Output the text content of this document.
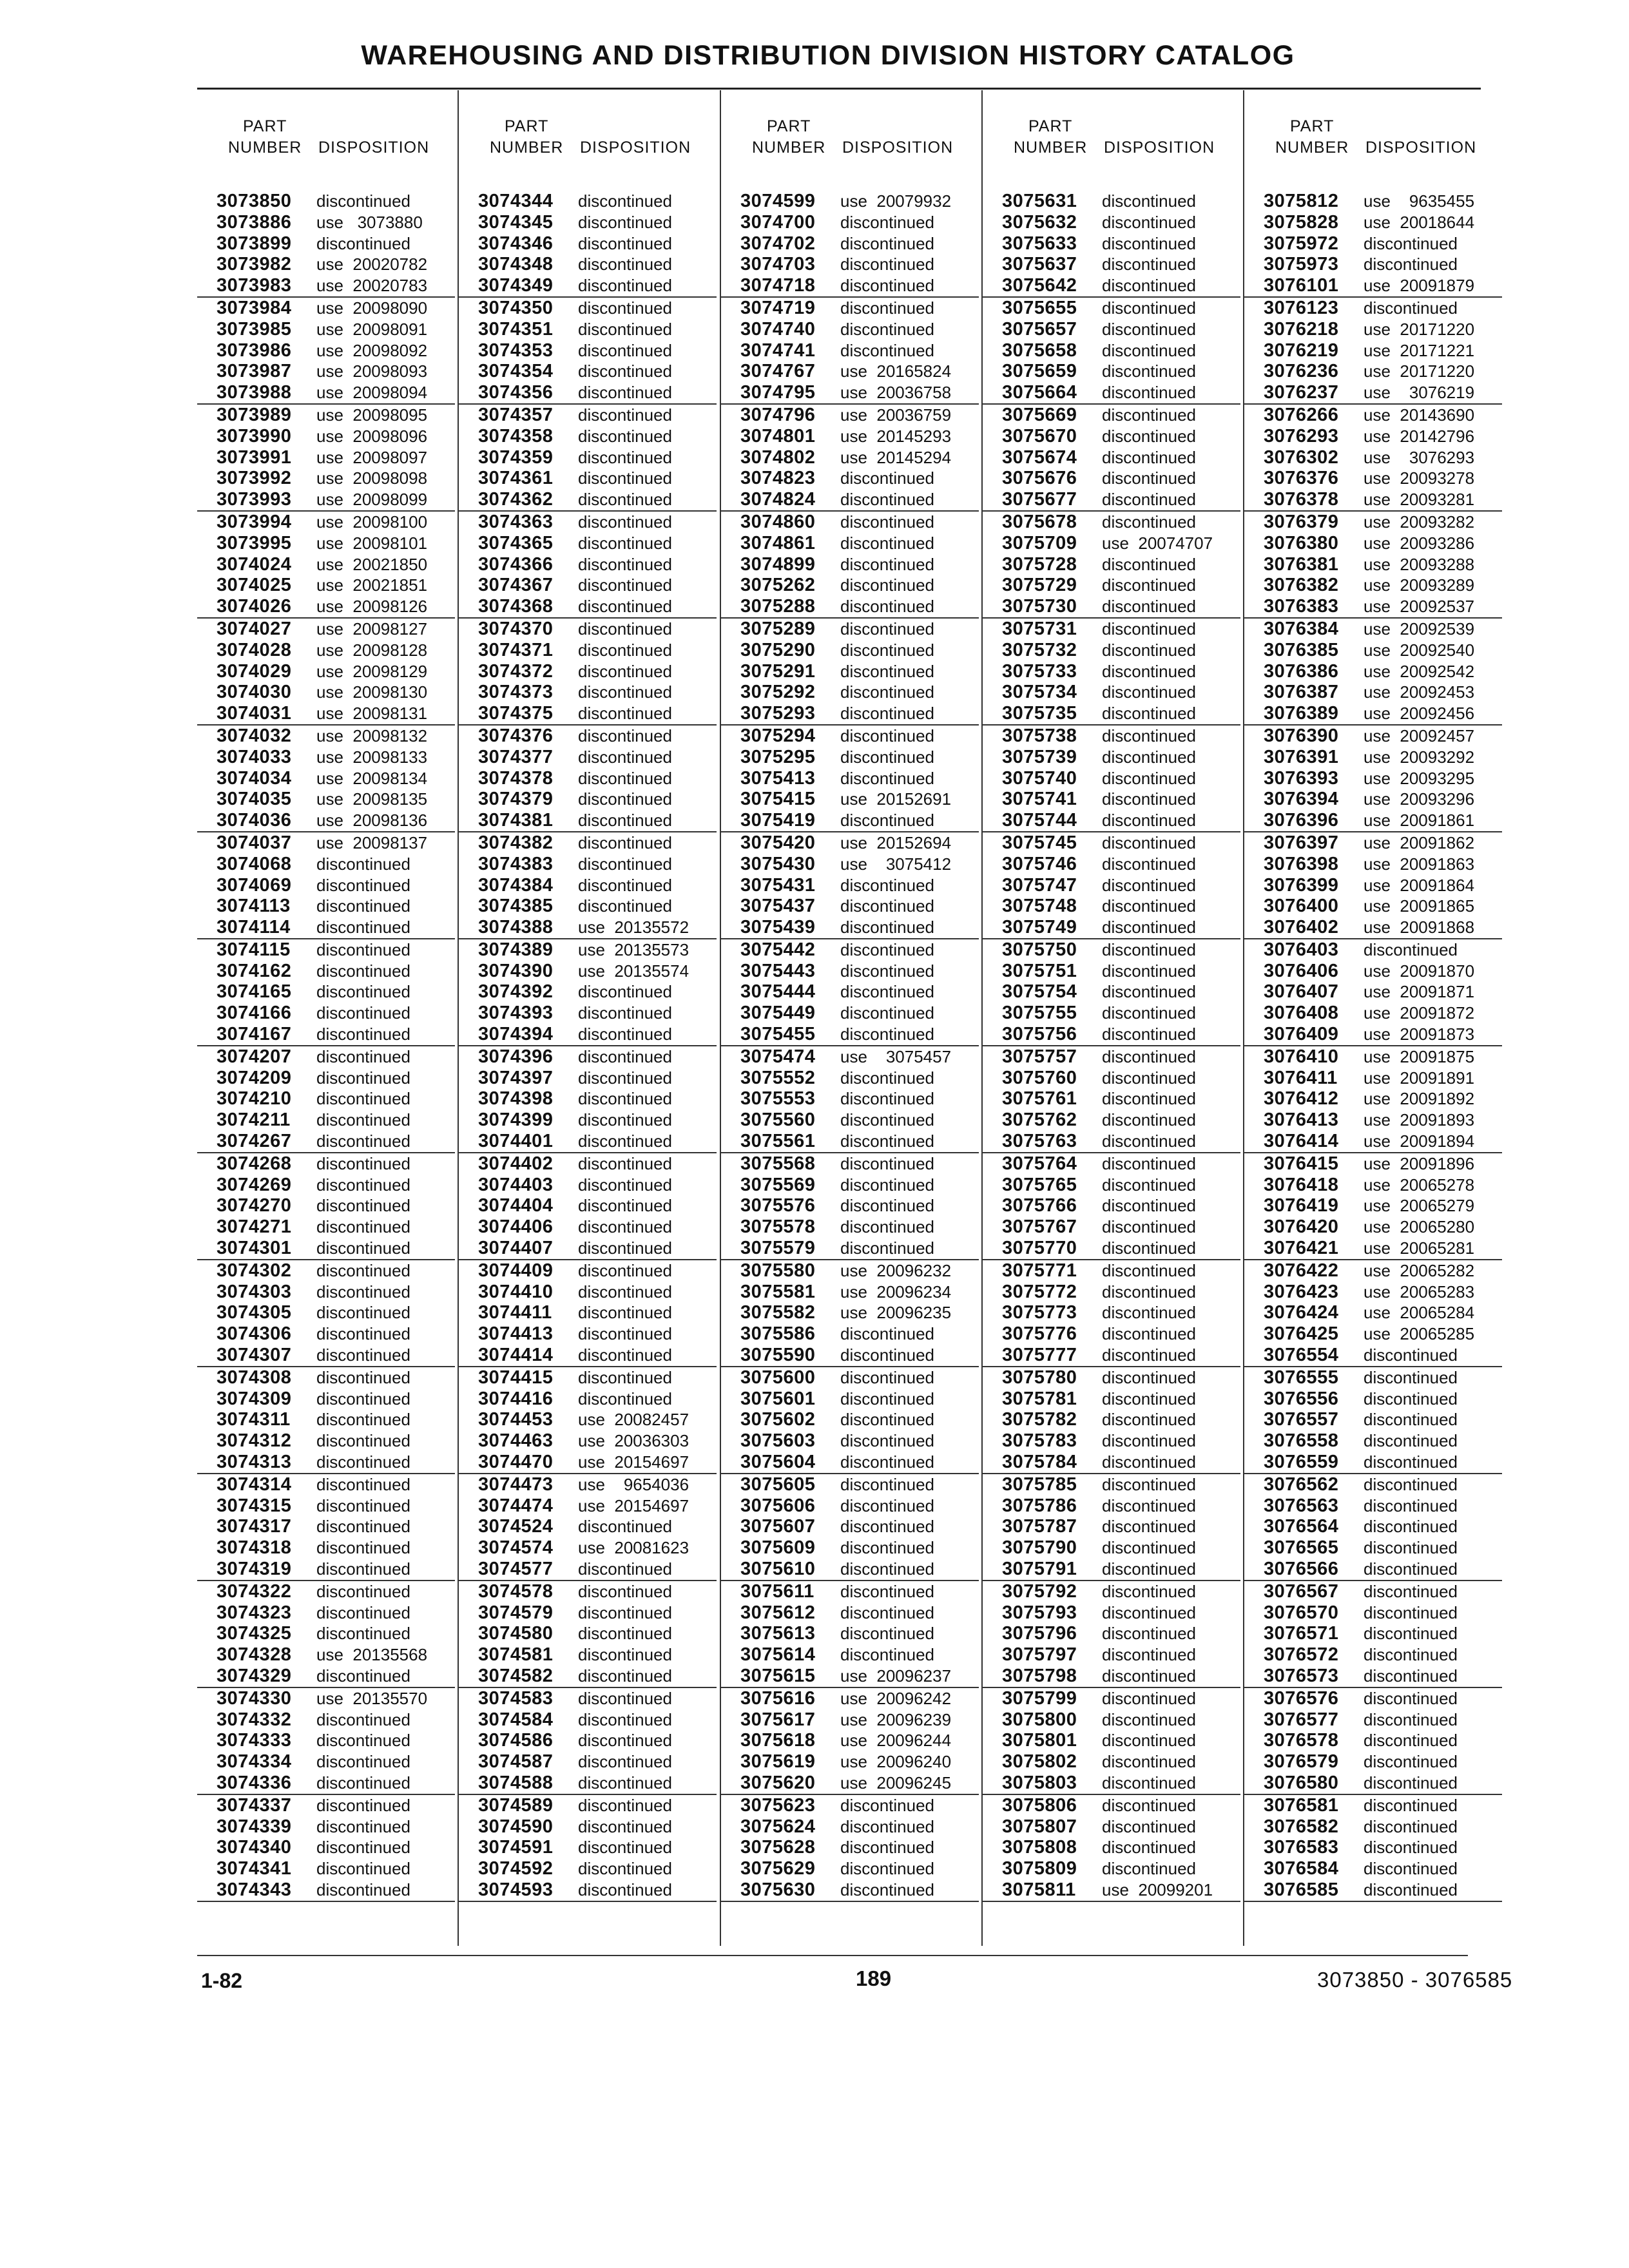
WAREHOUSING AND DISTRIBUTION DIVISION HISTORY CATALOG
PART
NUMBER DISPOSITION
3073850 discontinued
3073886 use   3073880
3073899 discontinued
3073982 use  20020782
3073983 use  20020783
3073984 use  20098090
3073985 use  20098091
3073986 use  20098092
3073987 use  20098093
3073988 use  20098094
3073989 use  20098095
3073990 use  20098096
3073991 use  20098097
3073992 use  20098098
3073993 use  20098099
3073994 use  20098100
3073995 use  20098101
3074024 use  20021850
3074025 use  20021851
3074026 use  20098126
3074027 use  20098127
3074028 use  20098128
3074029 use  20098129
3074030 use  20098130
3074031 use  20098131
3074032 use  20098132
3074033 use  20098133
3074034 use  20098134
3074035 use  20098135
3074036 use  20098136
3074037 use  20098137
3074068 discontinued
3074069 discontinued
3074113 discontinued
3074114 discontinued
3074115 discontinued
3074162 discontinued
3074165 discontinued
3074166 discontinued
3074167 discontinued
3074207 discontinued
3074209 discontinued
3074210 discontinued
3074211 discontinued
3074267 discontinued
3074268 discontinued
3074269 discontinued
3074270 discontinued
3074271 discontinued
3074301 discontinued
3074302 discontinued
3074303 discontinued
3074305 discontinued
3074306 discontinued
3074307 discontinued
3074308 discontinued
3074309 discontinued
3074311 discontinued
3074312 discontinued
3074313 discontinued
3074314 discontinued
3074315 discontinued
3074317 discontinued
3074318 discontinued
3074319 discontinued
3074322 discontinued
3074323 discontinued
3074325 discontinued
3074328 use  20135568
3074329 discontinued
3074330 use  20135570
3074332 discontinued
3074333 discontinued
3074334 discontinued
3074336 discontinued
3074337 discontinued
3074339 discontinued
3074340 discontinued
3074341 discontinued
3074343 discontinued
PART
NUMBER DISPOSITION
3074344 discontinued
3074345 discontinued
3074346 discontinued
3074348 discontinued
3074349 discontinued
3074350 discontinued
3074351 discontinued
3074353 discontinued
3074354 discontinued
3074356 discontinued
3074357 discontinued
3074358 discontinued
3074359 discontinued
3074361 discontinued
3074362 discontinued
3074363 discontinued
3074365 discontinued
3074366 discontinued
3074367 discontinued
3074368 discontinued
3074370 discontinued
3074371 discontinued
3074372 discontinued
3074373 discontinued
3074375 discontinued
3074376 discontinued
3074377 discontinued
3074378 discontinued
3074379 discontinued
3074381 discontinued
3074382 discontinued
3074383 discontinued
3074384 discontinued
3074385 discontinued
3074388 use  20135572
3074389 use  20135573
3074390 use  20135574
3074392 discontinued
3074393 discontinued
3074394 discontinued
3074396 discontinued
3074397 discontinued
3074398 discontinued
3074399 discontinued
3074401 discontinued
3074402 discontinued
3074403 discontinued
3074404 discontinued
3074406 discontinued
3074407 discontinued
3074409 discontinued
3074410 discontinued
3074411 discontinued
3074413 discontinued
3074414 discontinued
3074415 discontinued
3074416 discontinued
3074453 use  20082457
3074463 use  20036303
3074470 use  20154697
3074473 use    9654036
3074474 use  20154697
3074524 discontinued
3074574 use  20081623
3074577 discontinued
3074578 discontinued
3074579 discontinued
3074580 discontinued
3074581 discontinued
3074582 discontinued
3074583 discontinued
3074584 discontinued
3074586 discontinued
3074587 discontinued
3074588 discontinued
3074589 discontinued
3074590 discontinued
3074591 discontinued
3074592 discontinued
3074593 discontinued
PART
NUMBER DISPOSITION
3074599 use  20079932
3074700 discontinued
3074702 discontinued
3074703 discontinued
3074718 discontinued
3074719 discontinued
3074740 discontinued
3074741 discontinued
3074767 use  20165824
3074795 use  20036758
3074796 use  20036759
3074801 use  20145293
3074802 use  20145294
3074823 discontinued
3074824 discontinued
3074860 discontinued
3074861 discontinued
3074899 discontinued
3075262 discontinued
3075288 discontinued
3075289 discontinued
3075290 discontinued
3075291 discontinued
3075292 discontinued
3075293 discontinued
3075294 discontinued
3075295 discontinued
3075413 discontinued
3075415 use  20152691
3075419 discontinued
3075420 use  20152694
3075430 use    3075412
3075431 discontinued
3075437 discontinued
3075439 discontinued
3075442 discontinued
3075443 discontinued
3075444 discontinued
3075449 discontinued
3075455 discontinued
3075474 use    3075457
3075552 discontinued
3075553 discontinued
3075560 discontinued
3075561 discontinued
3075568 discontinued
3075569 discontinued
3075576 discontinued
3075578 discontinued
3075579 discontinued
3075580 use  20096232
3075581 use  20096234
3075582 use  20096235
3075586 discontinued
3075590 discontinued
3075600 discontinued
3075601 discontinued
3075602 discontinued
3075603 discontinued
3075604 discontinued
3075605 discontinued
3075606 discontinued
3075607 discontinued
3075609 discontinued
3075610 discontinued
3075611 discontinued
3075612 discontinued
3075613 discontinued
3075614 discontinued
3075615 use  20096237
3075616 use  20096242
3075617 use  20096239
3075618 use  20096244
3075619 use  20096240
3075620 use  20096245
3075623 discontinued
3075624 discontinued
3075628 discontinued
3075629 discontinued
3075630 discontinued
PART
NUMBER DISPOSITION
3075631 discontinued
3075632 discontinued
3075633 discontinued
3075637 discontinued
3075642 discontinued
3075655 discontinued
3075657 discontinued
3075658 discontinued
3075659 discontinued
3075664 discontinued
3075669 discontinued
3075670 discontinued
3075674 discontinued
3075676 discontinued
3075677 discontinued
3075678 discontinued
3075709 use  20074707
3075728 discontinued
3075729 discontinued
3075730 discontinued
3075731 discontinued
3075732 discontinued
3075733 discontinued
3075734 discontinued
3075735 discontinued
3075738 discontinued
3075739 discontinued
3075740 discontinued
3075741 discontinued
3075744 discontinued
3075745 discontinued
3075746 discontinued
3075747 discontinued
3075748 discontinued
3075749 discontinued
3075750 discontinued
3075751 discontinued
3075754 discontinued
3075755 discontinued
3075756 discontinued
3075757 discontinued
3075760 discontinued
3075761 discontinued
3075762 discontinued
3075763 discontinued
3075764 discontinued
3075765 discontinued
3075766 discontinued
3075767 discontinued
3075770 discontinued
3075771 discontinued
3075772 discontinued
3075773 discontinued
3075776 discontinued
3075777 discontinued
3075780 discontinued
3075781 discontinued
3075782 discontinued
3075783 discontinued
3075784 discontinued
3075785 discontinued
3075786 discontinued
3075787 discontinued
3075790 discontinued
3075791 discontinued
3075792 discontinued
3075793 discontinued
3075796 discontinued
3075797 discontinued
3075798 discontinued
3075799 discontinued
3075800 discontinued
3075801 discontinued
3075802 discontinued
3075803 discontinued
3075806 discontinued
3075807 discontinued
3075808 discontinued
3075809 discontinued
3075811 use  20099201
PART
NUMBER DISPOSITION
3075812 use    9635455
3075828 use  20018644
3075972 discontinued
3075973 discontinued
3076101 use  20091879
3076123 discontinued
3076218 use  20171220
3076219 use  20171221
3076236 use  20171220
3076237 use    3076219
3076266 use  20143690
3076293 use  20142796
3076302 use    3076293
3076376 use  20093278
3076378 use  20093281
3076379 use  20093282
3076380 use  20093286
3076381 use  20093288
3076382 use  20093289
3076383 use  20092537
3076384 use  20092539
3076385 use  20092540
3076386 use  20092542
3076387 use  20092453
3076389 use  20092456
3076390 use  20092457
3076391 use  20093292
3076393 use  20093295
3076394 use  20093296
3076396 use  20091861
3076397 use  20091862
3076398 use  20091863
3076399 use  20091864
3076400 use  20091865
3076402 use  20091868
3076403 discontinued
3076406 use  20091870
3076407 use  20091871
3076408 use  20091872
3076409 use  20091873
3076410 use  20091875
3076411 use  20091891
3076412 use  20091892
3076413 use  20091893
3076414 use  20091894
3076415 use  20091896
3076418 use  20065278
3076419 use  20065279
3076420 use  20065280
3076421 use  20065281
3076422 use  20065282
3076423 use  20065283
3076424 use  20065284
3076425 use  20065285
3076554 discontinued
3076555 discontinued
3076556 discontinued
3076557 discontinued
3076558 discontinued
3076559 discontinued
3076562 discontinued
3076563 discontinued
3076564 discontinued
3076565 discontinued
3076566 discontinued
3076567 discontinued
3076570 discontinued
3076571 discontinued
3076572 discontinued
3076573 discontinued
3076576 discontinued
3076577 discontinued
3076578 discontinued
3076579 discontinued
3076580 discontinued
3076581 discontinued
3076582 discontinued
3076583 discontinued
3076584 discontinued
3076585 discontinued
1-82	189	3073850 - 3076585
